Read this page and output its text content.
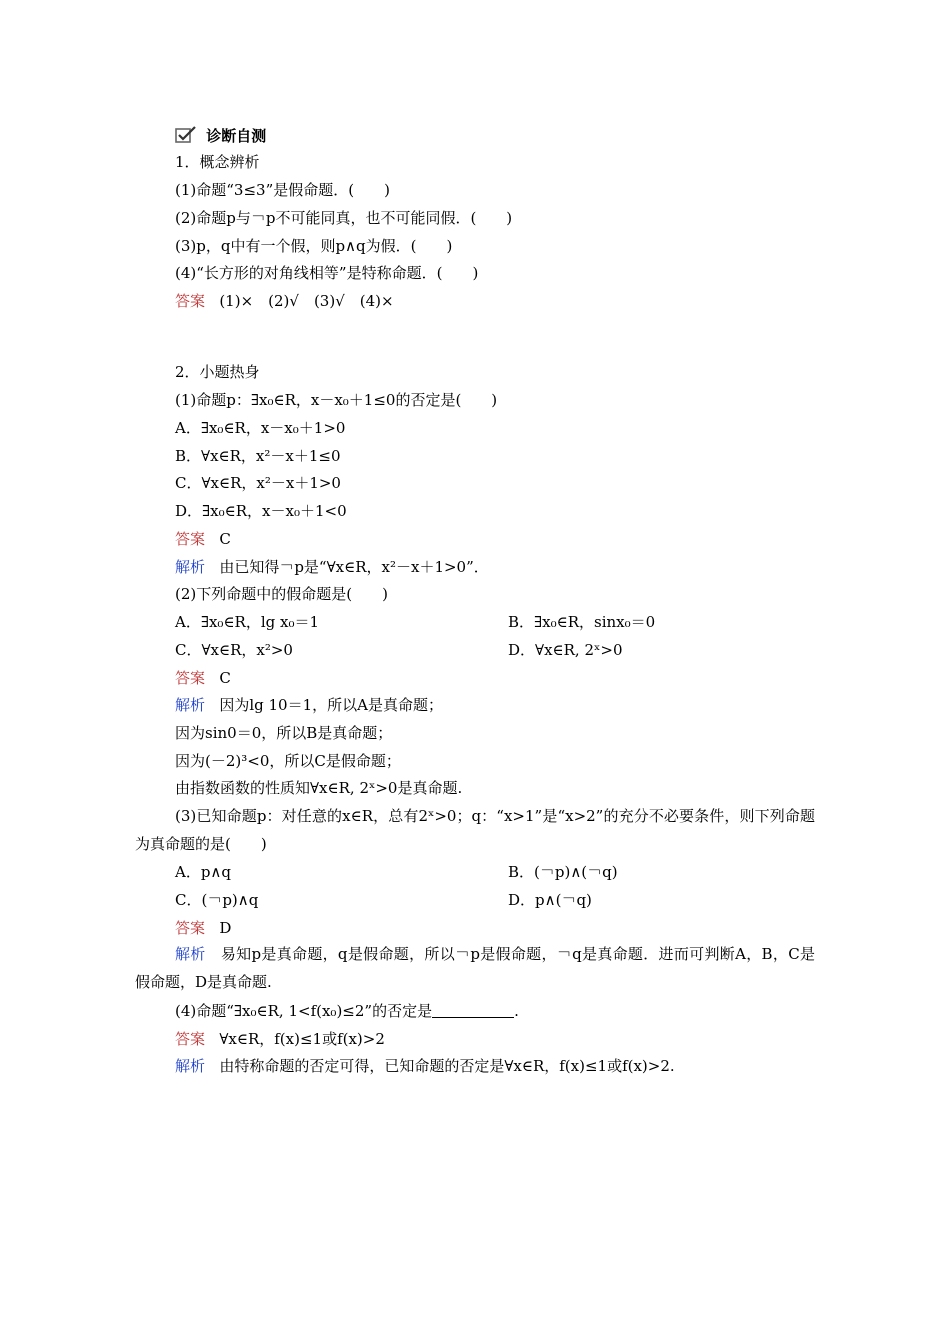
诊断自测
1．概念辨析
(1)命题“3≤3”是假命题．(　　)
(2)命题p与￢p不可能同真，也不可能同假．(　　)
(3)p，q中有一个假，则p∧q为假．(　　)
(4)“长方形的对角线相等”是特称命题．(　　)
答案 (1)×　(2)√　(3)√　(4)×
2．小题热身
(1)命题p：∃x₀∈R，x－x₀＋1≤0的否定是(　　)
A．∃x₀∈R，x－x₀＋1>0
B．∀x∈R，x²－x＋1≤0
C．∀x∈R，x²－x＋1>0
D．∃x₀∈R，x－x₀＋1<0
答案 C
解析 由已知得￢p是“∀x∈R，x²－x＋1>0”．
(2)下列命题中的假命题是(　　)
A．∃x₀∈R，lg x₀＝1	B．∃x₀∈R，sinx₀＝0
C．∀x∈R，x²>0	D．∀x∈R, 2ˣ>0
答案 C
解析 因为lg 10＝1，所以A是真命题；
因为sin0＝0，所以B是真命题；
因为(－2)³<0，所以C是假命题；
由指数函数的性质知∀x∈R, 2ˣ>0是真命题.
(3)已知命题p：对任意的x∈R，总有2ˣ>0；q：“x>1”是“x>2”的充分不必要条件，则下列命题为真命题的是(　　)
A．p∧q	B．(￢p)∧(￢q)
C．(￢p)∧q	D．p∧(￢q)
答案 D
解析 易知p是真命题，q是假命题，所以￢p是假命题，￢q是真命题．进而可判断A，B，C是假命题，D是真命题.
(4)命题“∃x₀∈R, 1<f(x₀)≤2”的否定是	.
答案 ∀x∈R，f(x)≤1或f(x)>2
解析 由特称命题的否定可得，已知命题的否定是∀x∈R，f(x)≤1或f(x)>2.
